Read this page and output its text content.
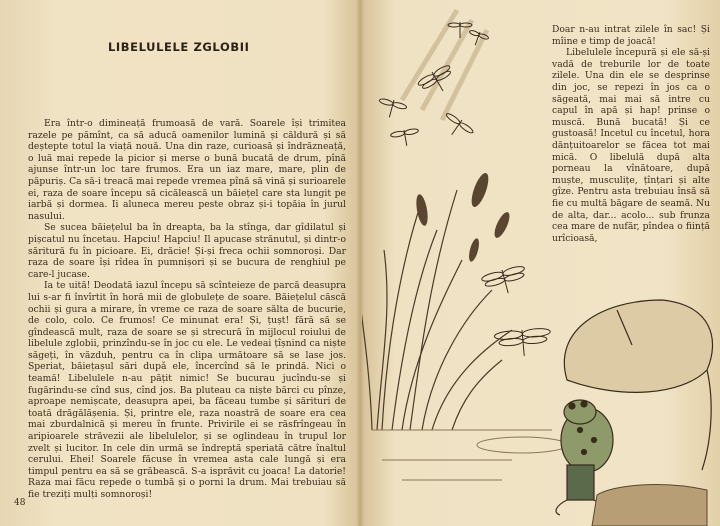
LIBELULELE ZGLOBII

Era într-o dimineață frumoasă de vară. Soarele își trimitea razele pe pămînt, ca să aducă oamenilor lumină și căldură și să deștepte totul la viață nouă. Una din raze, curioasă și îndrăzneață, o luă mai repede la picior și merse o bună bucată de drum, pînă ajunse într-un loc tare frumos. Era un iaz mare, mare, plin de păpuriș. Ca să-i treacă mai repede vremea pînă să vină și surioarele ei, raza de soare începu să cicălească un băiețel care sta lungit pe iarbă și dormea. Ii aluneca mereu peste obraz și-i topăia în jurul nasului.

Se sucea băiețelul ba în dreapta, ba la stînga, dar gîdilatul și pișcatul nu încetau. Hapciu! Hapciu! Il apucase strănutul, și dintr-o săritură fu în picioare. Ei, drăcie! Și-și freca ochii somnoroși. Dar raza de soare își rîdea în pumnișori și se bucura de renghiul pe care-l jucase.

Ia te uită! Deodată iazul începu să scînteieze de parcă deasupra lui s-ar fi învîrtit în horă mii de globulețe de soare. Băiețelul căscă ochii și gura a mirare, în vreme ce raza de soare sălta de bucurie, de colo, colo. Ce frumos! Ce minunat era! Și, țușt! fără să se gîndească mult, raza de soare se și strecură în mijlocul roiului de libelule zglobii, prinzîndu-se în joc cu ele. Le vedeai țîșnind ca niște săgeți, în văzduh, pentru ca în clipa următoare să se lase jos. Speriat, băiețașul sări dupǎ ele, încercînd să le prindă. Nici o teamă! Libelulele n-au pățit nimic! Se bucurau jucîndu-se și fugărindu-se cînd sus, cînd jos. Ba pluteau ca niște bărci cu pînze, aproape nemișcate, deasupra apei, ba făceau tumbe și sărituri de toată drăgălășenia. Și, printre ele, raza noastră de soare era cea mai zburdalnică și mereu în frunte. Privirile ei se răsfrîngeau în aripioarele străvezii ale libelulelor, și se oglindeau în trupul lor zvelt și lucitor. In cele din urmă se îndreptă speriată către înaltul cerului. Ehei! Soarele făcuse în vremea asta cale lungă și era timpul pentru ea să se grăbească. S-a isprăvit cu joaca! La datorie! Raza mai făcu repede o tumbă și o porni la drum. Mai trebuiau să fie treziți mulți somnoroși!

48

Doar n-au intrat zilele în sac! Și mîine e timp de joacă!

Libelulele începură și ele să-și vadă de treburile lor de toate zilele. Una din ele se desprinse din joc, se repezi în jos ca o săgeată, mai mai să intre cu capul în apă și hap! prinse o muscă. Bună bucată! Și ce gustoasă! Incetul cu încetul, hora dănțuitoarelor se făcea tot mai mică. O libelulă după alta porneau la vînătoare, după muște, musculițe, țînțari și alte gîze. Pentru asta trebuiau însă să fie cu multă băgare de seamă. Nu de alta, dar... acolo... sub frunza cea mare de nufăr, pîndea o ființă urîcioasă,
